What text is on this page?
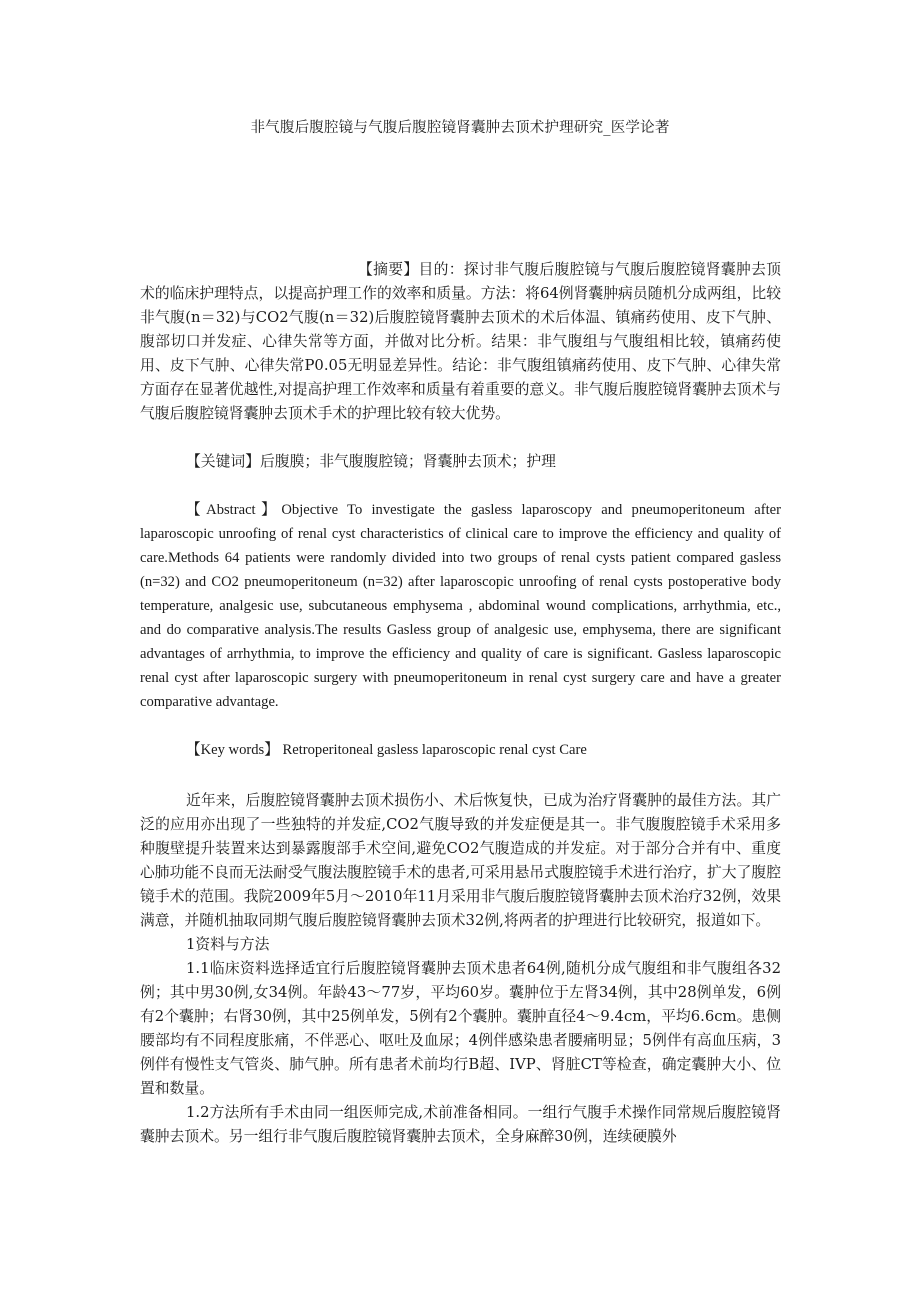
非气腹后腹腔镜与气腹后腹腔镜肾囊肿去顶术护理研究_医学论著
【摘要】目的：探讨非气腹后腹腔镜与气腹后腹腔镜肾囊肿去顶术的临床护理特点，以提高护理工作的效率和质量。方法：将64例肾囊肿病员随机分成两组，比较非气腹(n＝32)与CO2气腹(n＝32)后腹腔镜肾囊肿去顶术的术后体温、镇痛药使用、皮下气肿、腹部切口并发症、心律失常等方面，并做对比分析。结果：非气腹组与气腹组相比较，镇痛药使用、皮下气肿、心律失常P0.05无明显差异性。结论：非气腹组镇痛药使用、皮下气肿、心律失常方面存在显著优越性,对提高护理工作效率和质量有着重要的意义。非气腹后腹腔镜肾囊肿去顶术与气腹后腹腔镜肾囊肿去顶术手术的护理比较有较大优势。
【关键词】后腹膜；非气腹腹腔镜；肾囊肿去顶术；护理
【Abstract】Objective To investigate the gasless laparoscopy and pneumoperitoneum after laparoscopic unroofing of renal cyst characteristics of clinical care to improve the efficiency and quality of care.Methods 64 patients were randomly divided into two groups of renal cysts patient compared gasless (n=32) and CO2 pneumoperitoneum (n=32) after laparoscopic unroofing of renal cysts postoperative body temperature, analgesic use, subcutaneous emphysema , abdominal wound complications, arrhythmia, etc., and do comparative analysis.The results Gasless group of analgesic use, emphysema, there are significant advantages of arrhythmia, to improve the efficiency and quality of care is significant. Gasless laparoscopic renal cyst after laparoscopic surgery with pneumoperitoneum in renal cyst surgery care and have a greater comparative advantage.
【Key words】 Retroperitoneal gasless laparoscopic renal cyst Care

近年来，后腹腔镜肾囊肿去顶术损伤小、术后恢复快，已成为治疗肾囊肿的最佳方法。其广泛的应用亦出现了一些独特的并发症,CO2气腹导致的并发症便是其一。非气腹腹腔镜手术采用多种腹壁提升装置来达到暴露腹部手术空间,避免CO2气腹造成的并发症。对于部分合并有中、重度心肺功能不良而无法耐受气腹法腹腔镜手术的患者,可采用悬吊式腹腔镜手术进行治疗，扩大了腹腔镜手术的范围。我院2009年5月～2010年11月采用非气腹后腹腔镜肾囊肿去顶术治疗32例，效果满意，并随机抽取同期气腹后腹腔镜肾囊肿去顶术32例,将两者的护理进行比较研究，报道如下。

1资料与方法

1.1临床资料选择适宜行后腹腔镜肾囊肿去顶术患者64例,随机分成气腹组和非气腹组各32例；其中男30例,女34例。年龄43～77岁，平均60岁。囊肿位于左肾34例，其中28例单发，6例有2个囊肿；右肾30例，其中25例单发，5例有2个囊肿。囊肿直径4～9.4cm，平均6.6cm。患侧腰部均有不同程度胀痛，不伴恶心、呕吐及血尿；4例伴感染患者腰痛明显；5例伴有高血压病，3例伴有慢性支气管炎、肺气肿。所有患者术前均行B超、IVP、肾脏CT等检查，确定囊肿大小、位置和数量。

1.2方法所有手术由同一组医师完成,术前准备相同。一组行气腹手术操作同常规后腹腔镜肾囊肿去顶术。另一组行非气腹后腹腔镜肾囊肿去顶术，全身麻醉30例，连续硬膜外
